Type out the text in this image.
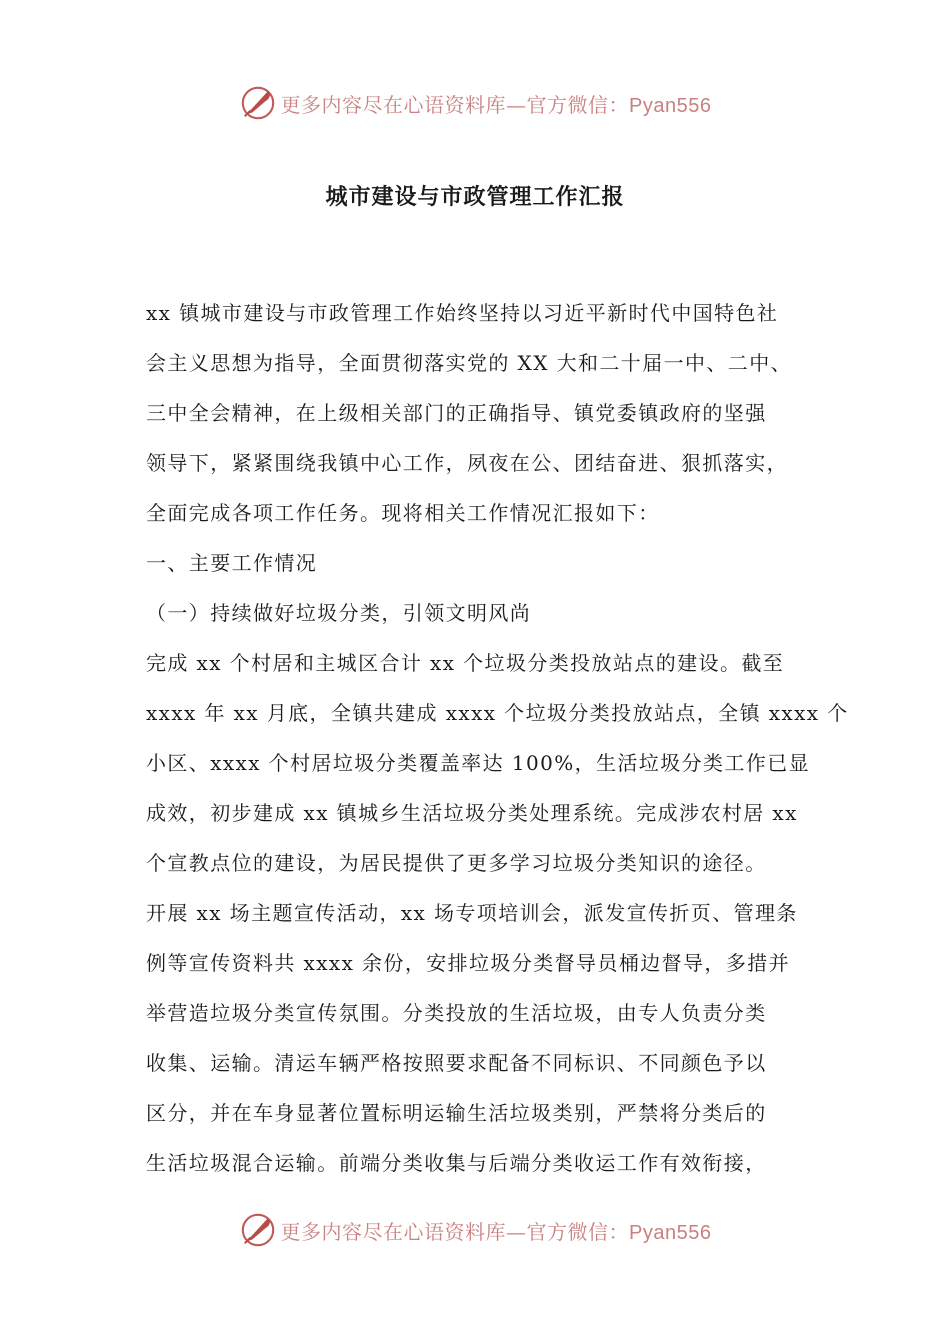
更多内容尽在心语资料库—官方微信：Pyan556
城市建设与市政管理工作汇报
xx 镇城市建设与市政管理工作始终坚持以习近平新时代中国特色社
会主义思想为指导，全面贯彻落实党的 XX 大和二十届一中、二中、
三中全会精神，在上级相关部门的正确指导、镇党委镇政府的坚强
领导下，紧紧围绕我镇中心工作，夙夜在公、团结奋进、狠抓落实，
全面完成各项工作任务。现将相关工作情况汇报如下：
一、主要工作情况
（一）持续做好垃圾分类，引领文明风尚
完成 xx 个村居和主城区合计 xx 个垃圾分类投放站点的建设。截至
xxxx 年 xx 月底，全镇共建成 xxxx 个垃圾分类投放站点，全镇 xxxx 个
小区、xxxx 个村居垃圾分类覆盖率达 100%，生活垃圾分类工作已显
成效，初步建成 xx 镇城乡生活垃圾分类处理系统。完成涉农村居 xx
个宣教点位的建设，为居民提供了更多学习垃圾分类知识的途径。
开展 xx 场主题宣传活动，xx 场专项培训会，派发宣传折页、管理条
例等宣传资料共 xxxx 余份，安排垃圾分类督导员桶边督导，多措并
举营造垃圾分类宣传氛围。分类投放的生活垃圾，由专人负责分类
收集、运输。清运车辆严格按照要求配备不同标识、不同颜色予以
区分，并在车身显著位置标明运输生活垃圾类别，严禁将分类后的
生活垃圾混合运输。前端分类收集与后端分类收运工作有效衔接，
更多内容尽在心语资料库—官方微信：Pyan556
